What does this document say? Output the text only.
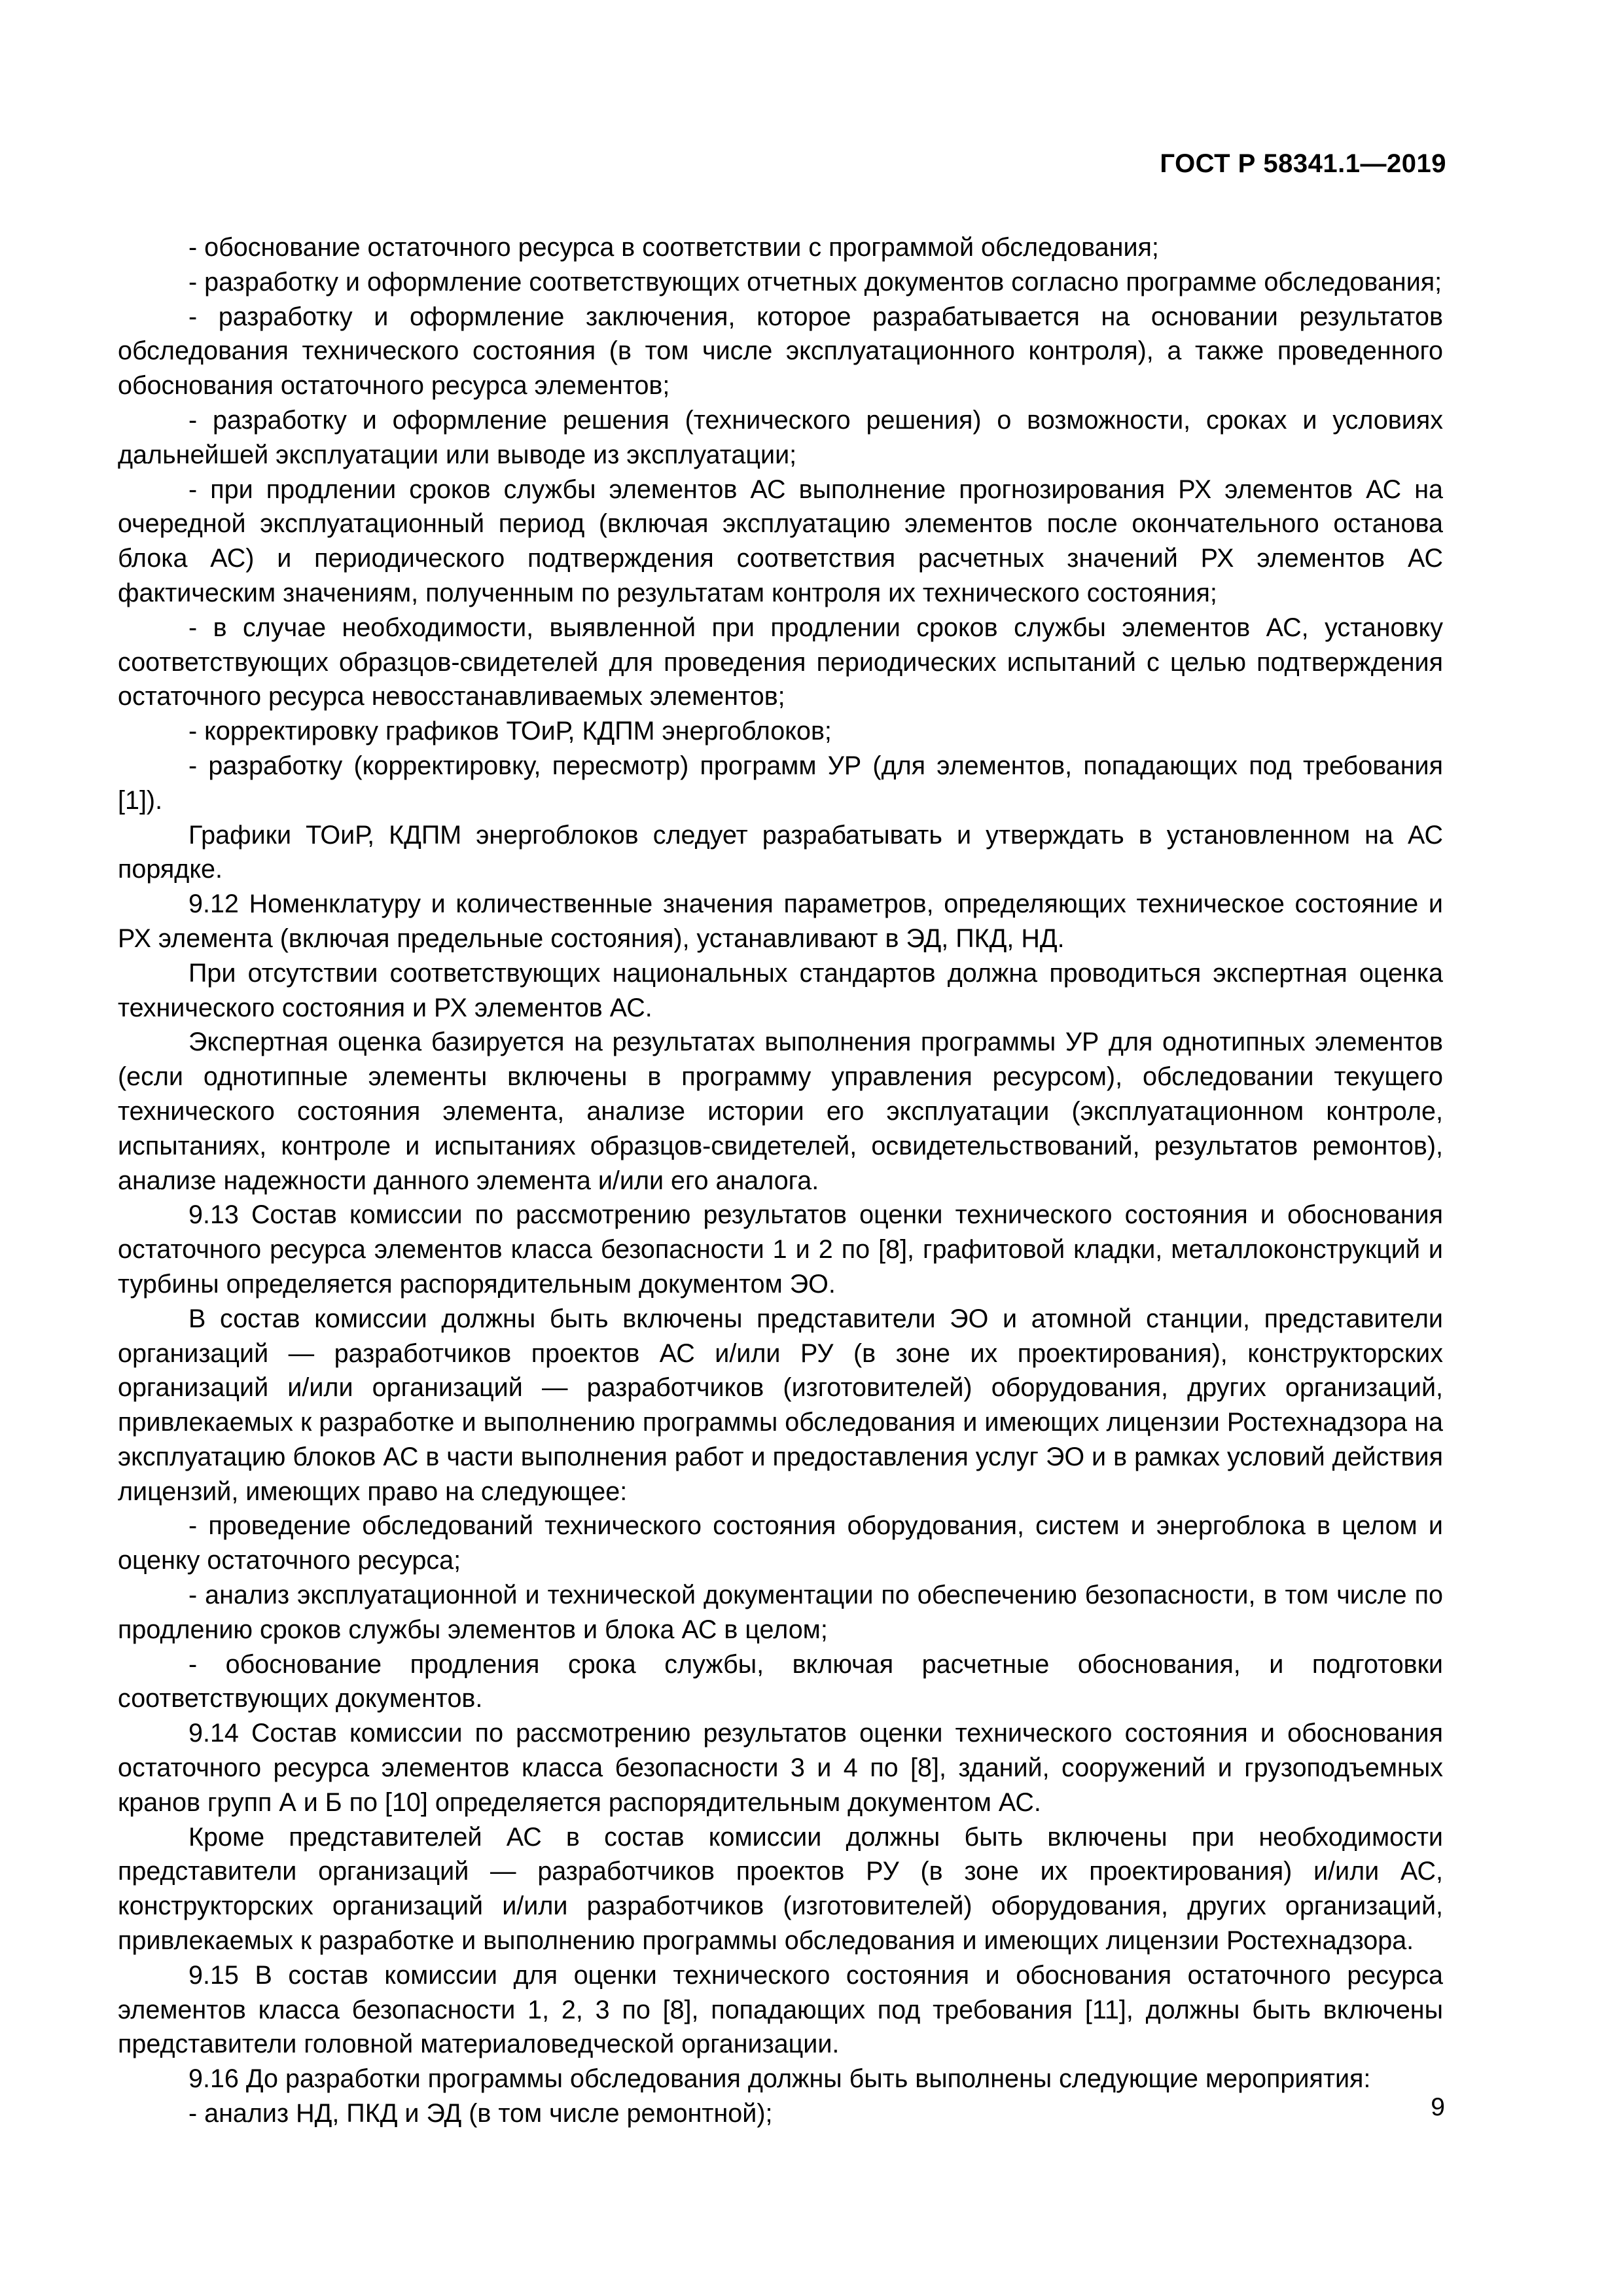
ГОСТ Р 58341.1—2019

- обоснование остаточного ресурса в соответствии с программой обследования;

- разработку и оформление соответствующих отчетных документов согласно программе обследования;

- разработку и оформление заключения, которое разрабатывается на основании результатов обследования технического состояния (в том числе эксплуатационного контроля), а также проведенного обоснования остаточного ресурса элементов;

- разработку и оформление решения (технического решения) о возможности, сроках и условиях дальнейшей эксплуатации или выводе из эксплуатации;

- при продлении сроков службы элементов АС выполнение прогнозирования РХ элементов АС на очередной эксплуатационный период (включая эксплуатацию элементов после окончательного останова блока АС) и периодического подтверждения соответствия расчетных значений РХ элементов АС фактическим значениям, полученным по результатам контроля их технического состояния;

- в случае необходимости, выявленной при продлении сроков службы элементов АС, установку соответствующих образцов-свидетелей для проведения периодических испытаний с целью подтверждения остаточного ресурса невосстанавливаемых элементов;

- корректировку графиков ТОиР, КДПМ энергоблоков;

- разработку (корректировку, пересмотр) программ УР (для элементов, попадающих под требования [1]).

Графики ТОиР, КДПМ энергоблоков следует разрабатывать и утверждать в установленном на АС порядке.

9.12 Номенклатуру и количественные значения параметров, определяющих техническое состояние и РХ элемента (включая предельные состояния), устанавливают в ЭД, ПКД, НД.

При отсутствии соответствующих национальных стандартов должна проводиться экспертная оценка технического состояния и РХ элементов АС.

Экспертная оценка базируется на результатах выполнения программы УР для однотипных элементов (если однотипные элементы включены в программу управления ресурсом), обследовании текущего технического состояния элемента, анализе истории его эксплуатации (эксплуатационном контроле, испытаниях, контроле и испытаниях образцов-свидетелей, освидетельствований, результатов ремонтов), анализе надежности данного элемента и/или его аналога.

9.13 Состав комиссии по рассмотрению результатов оценки технического состояния и обоснования остаточного ресурса элементов класса безопасности 1 и 2 по [8], графитовой кладки, металлоконструкций и турбины определяется распорядительным документом ЭО.

В состав комиссии должны быть включены представители ЭО и атомной станции, представители организаций — разработчиков проектов АС и/или РУ (в зоне их проектирования), конструкторских организаций и/или организаций — разработчиков (изготовителей) оборудования, других организаций, привлекаемых к разработке и выполнению программы обследования и имеющих лицензии Ростехнадзора на эксплуатацию блоков АС в части выполнения работ и предоставления услуг ЭО и в рамках условий действия лицензий, имеющих право на следующее:

- проведение обследований технического состояния оборудования, систем и энергоблока в целом и оценку остаточного ресурса;

- анализ эксплуатационной и технической документации по обеспечению безопасности, в том числе по продлению сроков службы элементов и блока АС в целом;

- обоснование продления срока службы, включая расчетные обоснования, и подготовки соответствующих документов.

9.14 Состав комиссии по рассмотрению результатов оценки технического состояния и обоснования остаточного ресурса элементов класса безопасности 3 и 4 по [8], зданий, сооружений и грузоподъемных кранов групп А и Б по [10] определяется распорядительным документом АС.

Кроме представителей АС в состав комиссии должны быть включены при необходимости представители организаций — разработчиков проектов РУ (в зоне их проектирования) и/или АС, конструкторских организаций и/или разработчиков (изготовителей) оборудования, других организаций, привлекаемых к разработке и выполнению программы обследования и имеющих лицензии Ростехнадзора.

9.15 В состав комиссии для оценки технического состояния и обоснования остаточного ресурса элементов класса безопасности 1, 2, 3 по [8], попадающих под требования [11], должны быть включены представители головной материаловедческой организации.

9.16 До разработки программы обследования должны быть выполнены следующие мероприятия:

- анализ НД, ПКД и ЭД (в том числе ремонтной);	9
